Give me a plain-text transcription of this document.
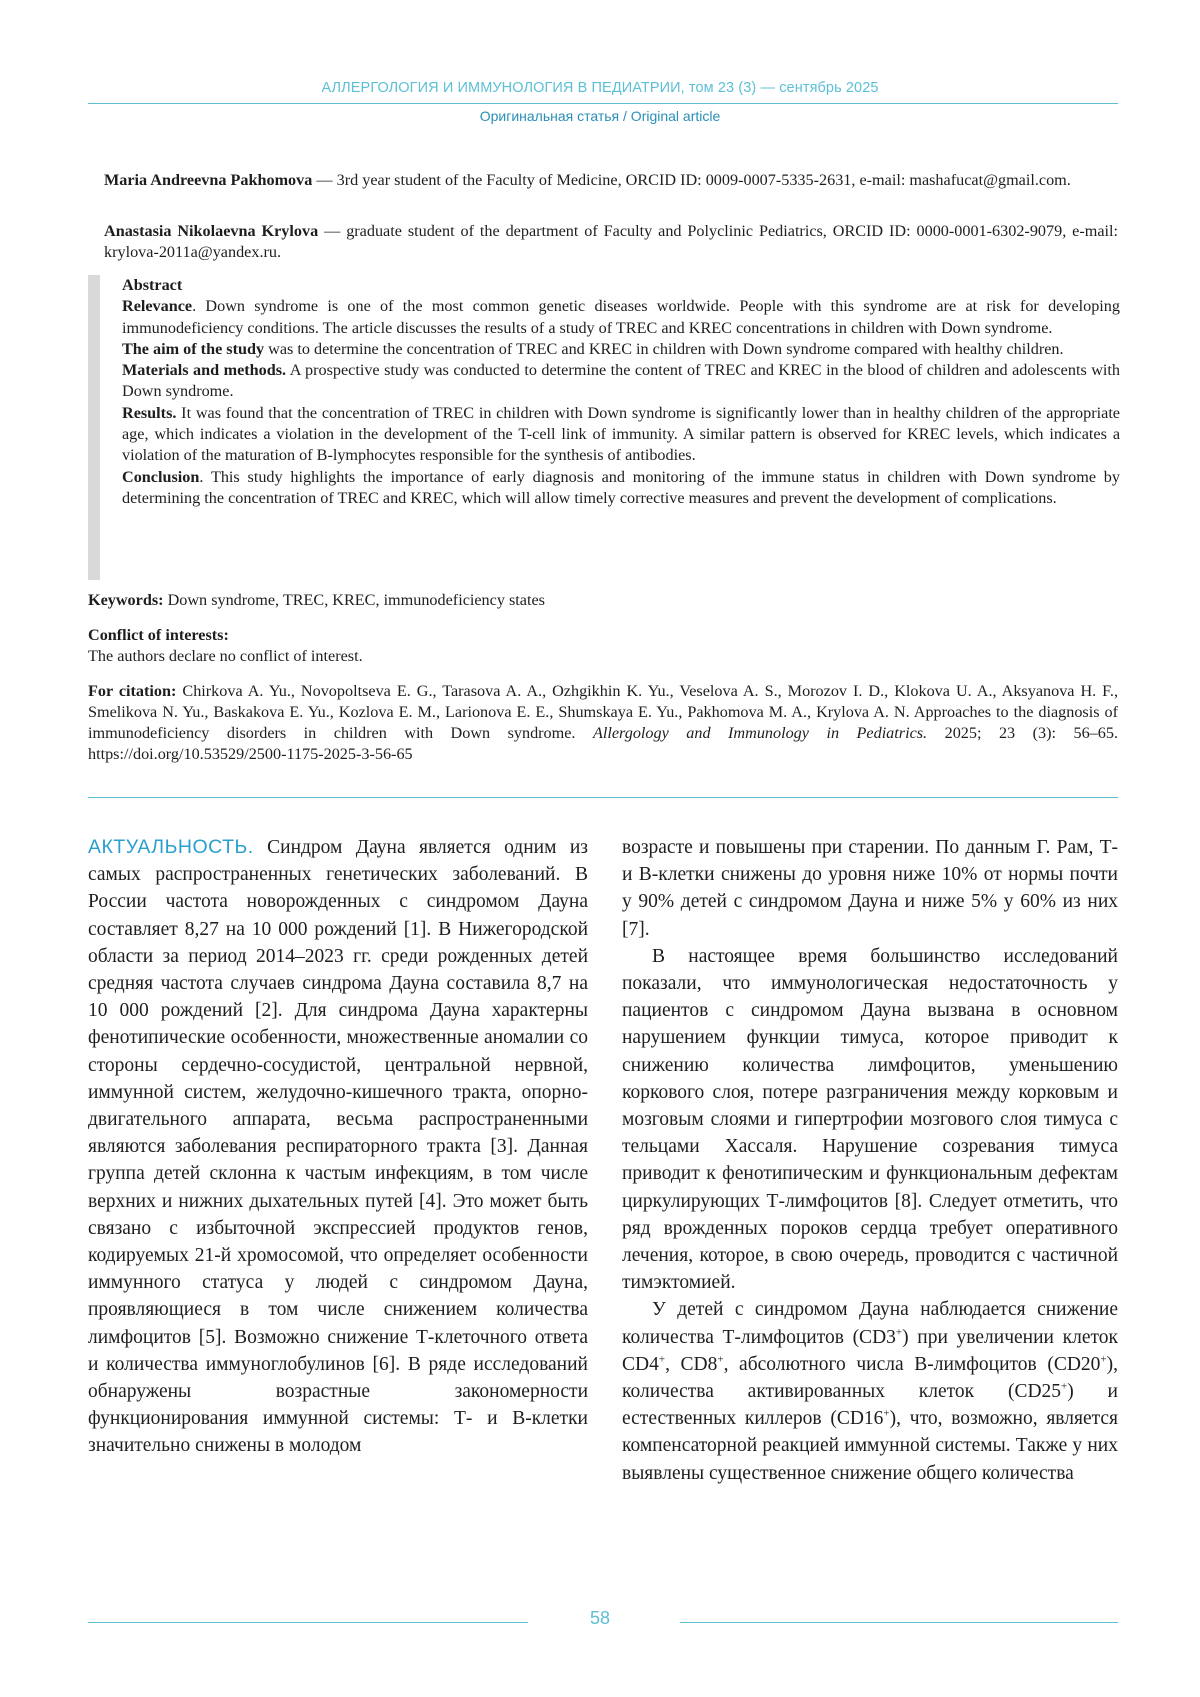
АЛЛЕРГОЛОГИЯ И ИММУНОЛОГИЯ В ПЕДИАТРИИ, том 23 (3) — сентябрь 2025
Оригинальная статья / Original article
Maria Andreevna Pakhomova — 3rd year student of the Faculty of Medicine, ORCID ID: 0009-0007-5335-2631, e-mail: mashafucat@gmail.com.
Anastasia Nikolaevna Krylova — graduate student of the department of Faculty and Polyclinic Pediatrics, ORCID ID: 0000-0001-6302-9079, e-mail: krylova-2011a@yandex.ru.

Abstract

Relevance. Down syndrome is one of the most common genetic diseases worldwide. People with this syndrome are at risk for developing immunodeficiency conditions. The article discusses the results of a study of TREC and KREC concentrations in children with Down syndrome.

The aim of the study was to determine the concentration of TREC and KREC in children with Down syndrome compared with healthy children.

Materials and methods. A prospective study was conducted to determine the content of TREC and KREC in the blood of children and adolescents with Down syndrome.

Results. It was found that the concentration of TREC in children with Down syndrome is significantly lower than in healthy children of the appropriate age, which indicates a violation in the development of the T-cell link of immunity. A similar pattern is observed for KREC levels, which indicates a violation of the maturation of B-lymphocytes responsible for the synthesis of antibodies.

Conclusion. This study highlights the importance of early diagnosis and monitoring of the immune status in children with Down syndrome by determining the concentration of TREC and KREC, which will allow timely corrective measures and prevent the development of complications.

Keywords: Down syndrome, TREC, KREC, immunodeficiency states

Conflict of interests:

The authors declare no conflict of interest.

For citation: Chirkova A. Yu., Novopoltseva E. G., Tarasova A. A., Ozhgikhin K. Yu., Veselova A. S., Morozov I. D., Klokova U. A., Aksyanova H. F., Smelikova N. Yu., Baskakova E. Yu., Kozlova E. M., Larionova E. E., Shumskaya E. Yu., Pakhomova M. A., Krylova A. N. Approaches to the diagnosis of immunodeficiency disorders in children with Down syndrome. Allergology and Immunology in Pediatrics. 2025; 23 (3): 56–65. https://doi.org/10.53529/2500-1175-2025-3-56-65

АКТУАЛЬНОСТЬ. Синдром Дауна является одним из самых распространенных генетических заболеваний. В России частота новорожденных с синдромом Дауна составляет 8,27 на 10 000 рождений [1]. В Нижегородской области за период 2014–2023 гг. среди рожденных детей средняя частота случаев синдрома Дауна составила 8,7 на 10 000 рождений [2]. Для синдрома Дауна характерны фенотипические особенности, множественные аномалии со стороны сердечно-сосудистой, центральной нервной, иммунной систем, желудочно-кишечного тракта, опорно-двигательного аппарата, весьма распространенными являются заболевания респираторного тракта [3]. Данная группа детей склонна к частым инфекциям, в том числе верхних и нижних дыхательных путей [4]. Это может быть связано с избыточной экспрессией продуктов генов, кодируемых 21-й хромосомой, что определяет особенности иммунного статуса у людей с синдромом Дауна, проявляющиеся в том числе снижением количества лимфоцитов [5]. Возможно снижение Т-клеточного ответа и количества иммуноглобулинов [6]. В ряде исследований обнаружены возрастные закономерности функционирования иммунной системы: Т- и В-клетки значительно снижены в молодом

возрасте и повышены при старении. По данным Г. Рам, Т- и В-клетки снижены до уровня ниже 10% от нормы почти у 90% детей с синдромом Дауна и ниже 5% у 60% из них [7].

В настоящее время большинство исследований показали, что иммунологическая недостаточность у пациентов с синдромом Дауна вызвана в основном нарушением функции тимуса, которое приводит к снижению количества лимфоцитов, уменьшению коркового слоя, потере разграничения между корковым и мозговым слоями и гипертрофии мозгового слоя тимуса с тельцами Хассаля. Нарушение созревания тимуса приводит к фенотипическим и функциональным дефектам циркулирующих Т-лимфоцитов [8]. Следует отметить, что ряд врожденных пороков сердца требует оперативного лечения, которое, в свою очередь, проводится с частичной тимэктомией.

У детей с синдромом Дауна наблюдается снижение количества Т-лимфоцитов (CD3+) при увеличении клеток CD4+, CD8+, абсолютного числа В-лимфоцитов (CD20+), количества активированных клеток (CD25+) и естественных киллеров (CD16+), что, возможно, является компенсаторной реакцией иммунной системы. Также у них выявлены существенное снижение общего количества

58
